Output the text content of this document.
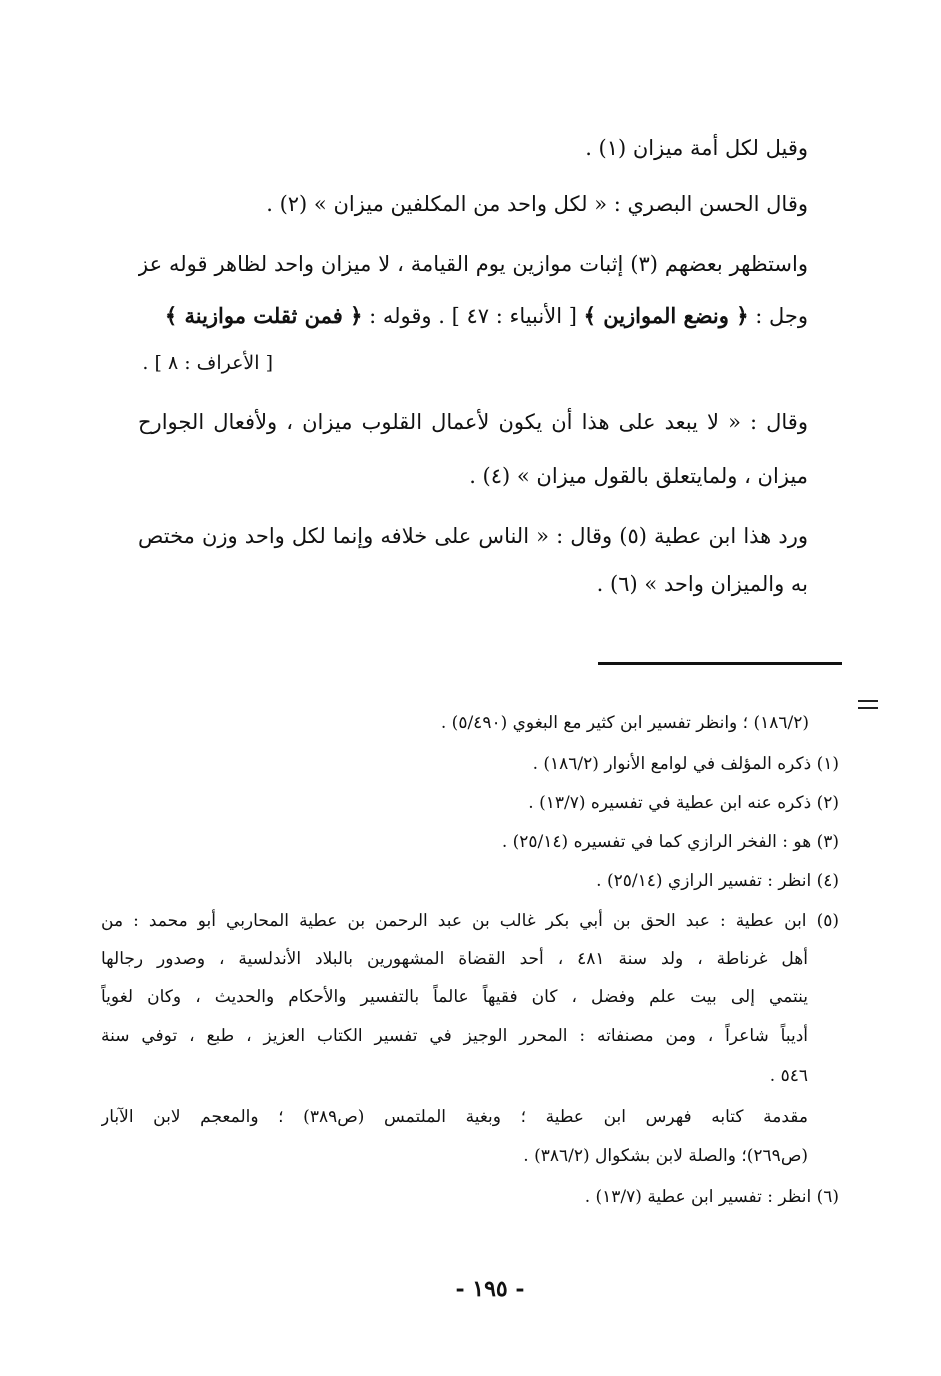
وقيل لكل أمة ميزان (١) .
وقال الحسن البصري : « لكل واحد من المكلفين ميزان » (٢) .
واستظهر بعضهم (٣) إثبات موازين يوم القيامة ، لا ميزان واحد لظاهر قوله عز
وجل : ﴿ ونضع الموازين ﴾ [ الأنبياء : ٤٧ ] . وقوله : ﴿ فمن ثقلت موازينة ﴾
[ الأعراف : ٨ ] .
وقال : « لا يبعد على هذا أن يكون لأعمال القلوب ميزان ، ولأفعال الجوارح
ميزان ، ولمايتعلق بالقول ميزان » (٤) .
ورد هذا ابن عطية (٥) وقال : « الناس على خلافه وإنما لكل واحد وزن مختص
به والميزان واحد » (٦) .
(١٨٦/٢) ؛ وانظر تفسير ابن كثير مع البغوي (٥/٤٩٠) .
(١) ذكره المؤلف في لوامع الأنوار (١٨٦/٢) .
(٢) ذكره عنه ابن عطية في تفسيره (١٣/٧) .
(٣) هو : الفخر الرازي كما في تفسيره (٢٥/١٤) .
(٤) انظر : تفسير الرازي (٢٥/١٤) .
(٥) ابن عطية : عبد الحق بن أبي بكر غالب بن عبد الرحمن بن عطية المحاربي أبو محمد : من
أهل غرناطة ، ولد سنة ٤٨١ ، أحد القضاة المشهورين بالبلاد الأندلسية ، وصدور رجالها
ينتمي إلى بيت علم وفضل ، كان فقيهاً عالماً بالتفسير والأحكام والحديث ، وكان لغوياً
أديباً شاعراً ، ومن مصنفاته : المحرر الوجيز في تفسير الكتاب العزيز ، طبع ، توفي سنة
٥٤٦ .
مقدمة كتابه فهرس ابن عطية ؛ وبغية الملتمس (ص٣٨٩) ؛ والمعجم لابن الآبار
(ص٢٦٩)؛ والصلة لابن بشكوال (٣٨٦/٢) .
(٦) انظر : تفسير ابن عطية (١٣/٧) .
- ١٩٥ -
